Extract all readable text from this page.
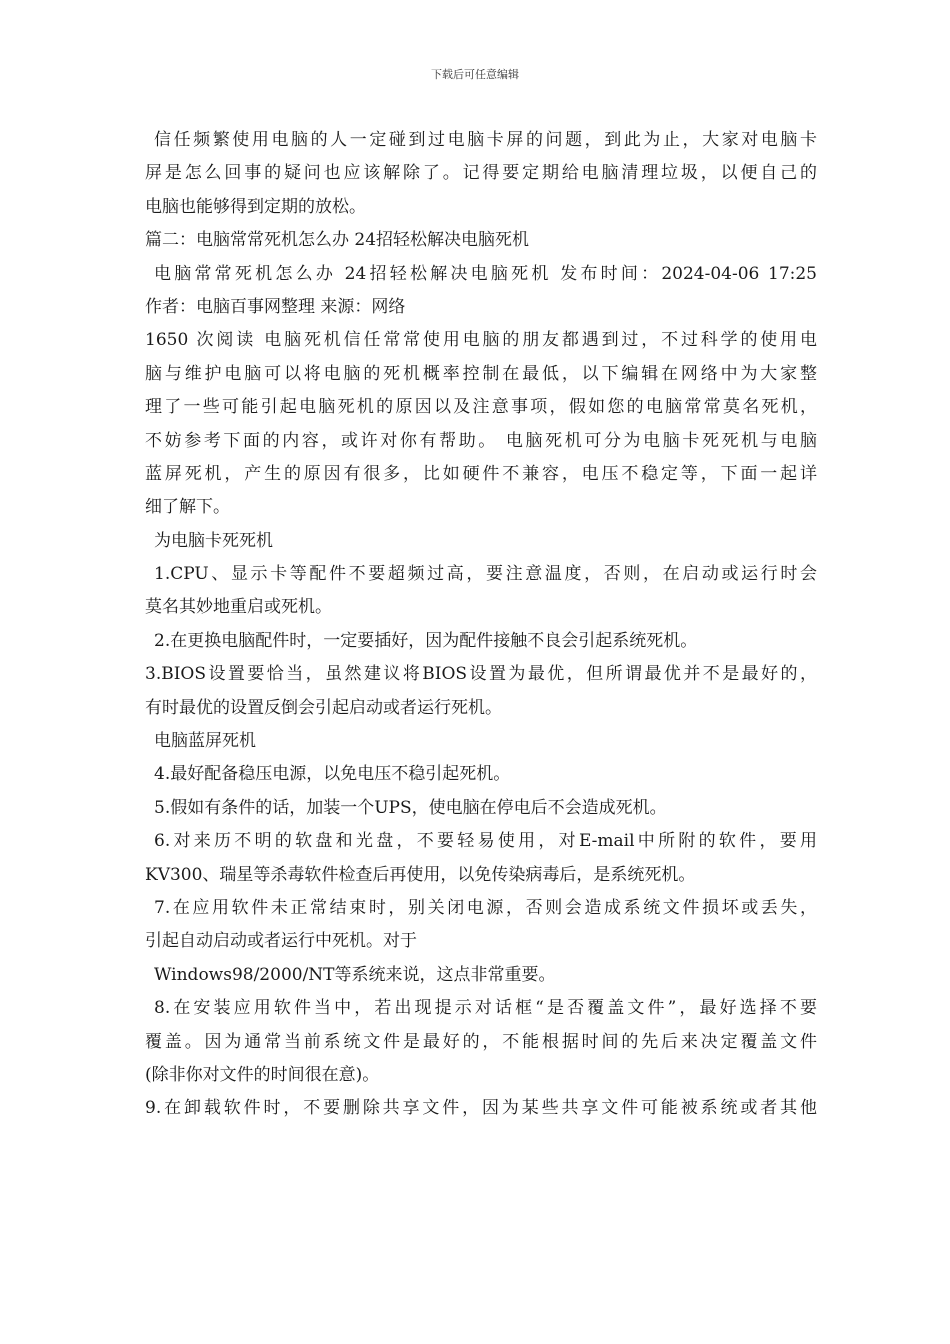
下载后可任意编辑
信任频繁使用电脑的人一定碰到过电脑卡屏的问题，到此为止，大家对电脑卡
屏是怎么回事的疑问也应该解除了。记得要定期给电脑清理垃圾，以便自己的
电脑也能够得到定期的放松。
篇二：电脑常常死机怎么办 24招轻松解决电脑死机
电脑常常死机怎么办 24招轻松解决电脑死机 发布时间：2024-04-06 17:25
作者：电脑百事网整理 来源：网络
1650 次阅读 电脑死机信任常常使用电脑的朋友都遇到过，不过科学的使用电
脑与维护电脑可以将电脑的死机概率控制在最低，以下编辑在网络中为大家整
理了一些可能引起电脑死机的原因以及注意事项，假如您的电脑常常莫名死机，
不妨参考下面的内容，或许对你有帮助。 电脑死机可分为电脑卡死死机与电脑
蓝屏死机，产生的原因有很多，比如硬件不兼容，电压不稳定等，下面一起详
细了解下。
为电脑卡死死机
1.CPU、显示卡等配件不要超频过高，要注意温度，否则，在启动或运行时会
莫名其妙地重启或死机。
2.在更换电脑配件时，一定要插好，因为配件接触不良会引起系统死机。
3.BIOS设置要恰当，虽然建议将BIOS设置为最优，但所谓最优并不是最好的，
有时最优的设置反倒会引起启动或者运行死机。
电脑蓝屏死机
4.最好配备稳压电源，以免电压不稳引起死机。
5.假如有条件的话，加装一个UPS，使电脑在停电后不会造成死机。
6.对来历不明的软盘和光盘，不要轻易使用，对E-mail中所附的软件，要用
KV300、瑞星等杀毒软件检查后再使用，以免传染病毒后，是系统死机。
7.在应用软件未正常结束时，别关闭电源，否则会造成系统文件损坏或丢失，
引起自动启动或者运行中死机。对于
Windows98/2000/NT等系统来说，这点非常重要。
8.在安装应用软件当中，若出现提示对话框“是否覆盖文件”，最好选择不要
覆盖。因为通常当前系统文件是最好的，不能根据时间的先后来决定覆盖文件
(除非你对文件的时间很在意)。
9.在卸载软件时，不要删除共享文件，因为某些共享文件可能被系统或者其他
